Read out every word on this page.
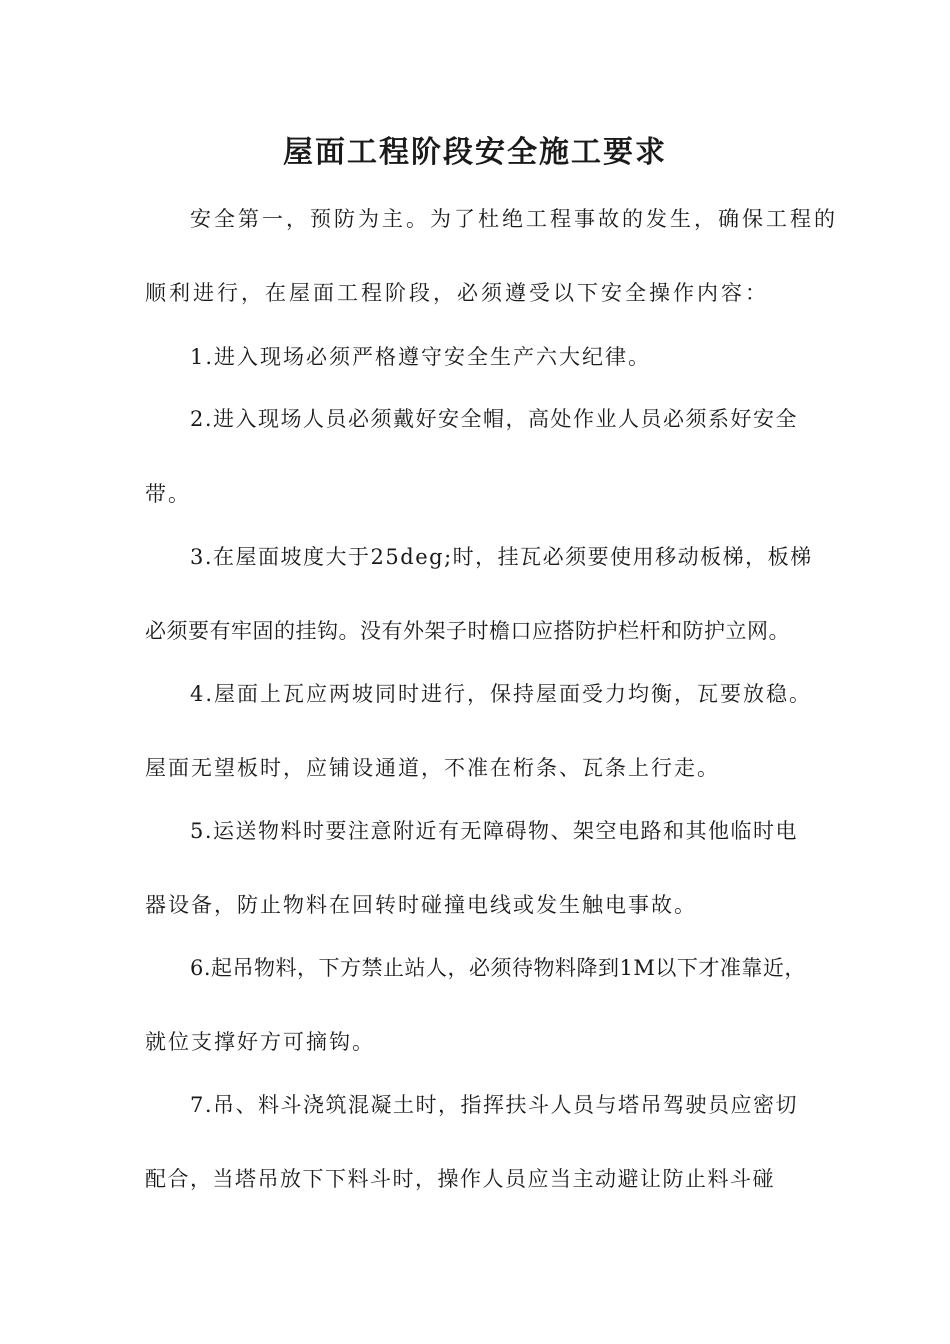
屋面工程阶段安全施工要求

安全第一，预防为主。为了杜绝工程事故的发生，确保工程的

顺利进行，在屋面工程阶段，必须遵受以下安全操作内容：

1.进入现场必须严格遵守安全生产六大纪律。

2.进入现场人员必须戴好安全帽，高处作业人员必须系好安全

带。

3.在屋面坡度大于25deg;时，挂瓦必须要使用移动板梯，板梯

必须要有牢固的挂钩。没有外架子时檐口应搭防护栏杆和防护立网。

4.屋面上瓦应两坡同时进行，保持屋面受力均衡，瓦要放稳。

屋面无望板时，应铺设通道，不准在桁条、瓦条上行走。

5.运送物料时要注意附近有无障碍物、架空电路和其他临时电

器设备，防止物料在回转时碰撞电线或发生触电事故。

6.起吊物料，下方禁止站人，必须待物料降到1M以下才准靠近，

就位支撑好方可摘钩。

7.吊、料斗浇筑混凝土时，指挥扶斗人员与塔吊驾驶员应密切

配合，当塔吊放下下料斗时，操作人员应当主动避让防止料斗碰
